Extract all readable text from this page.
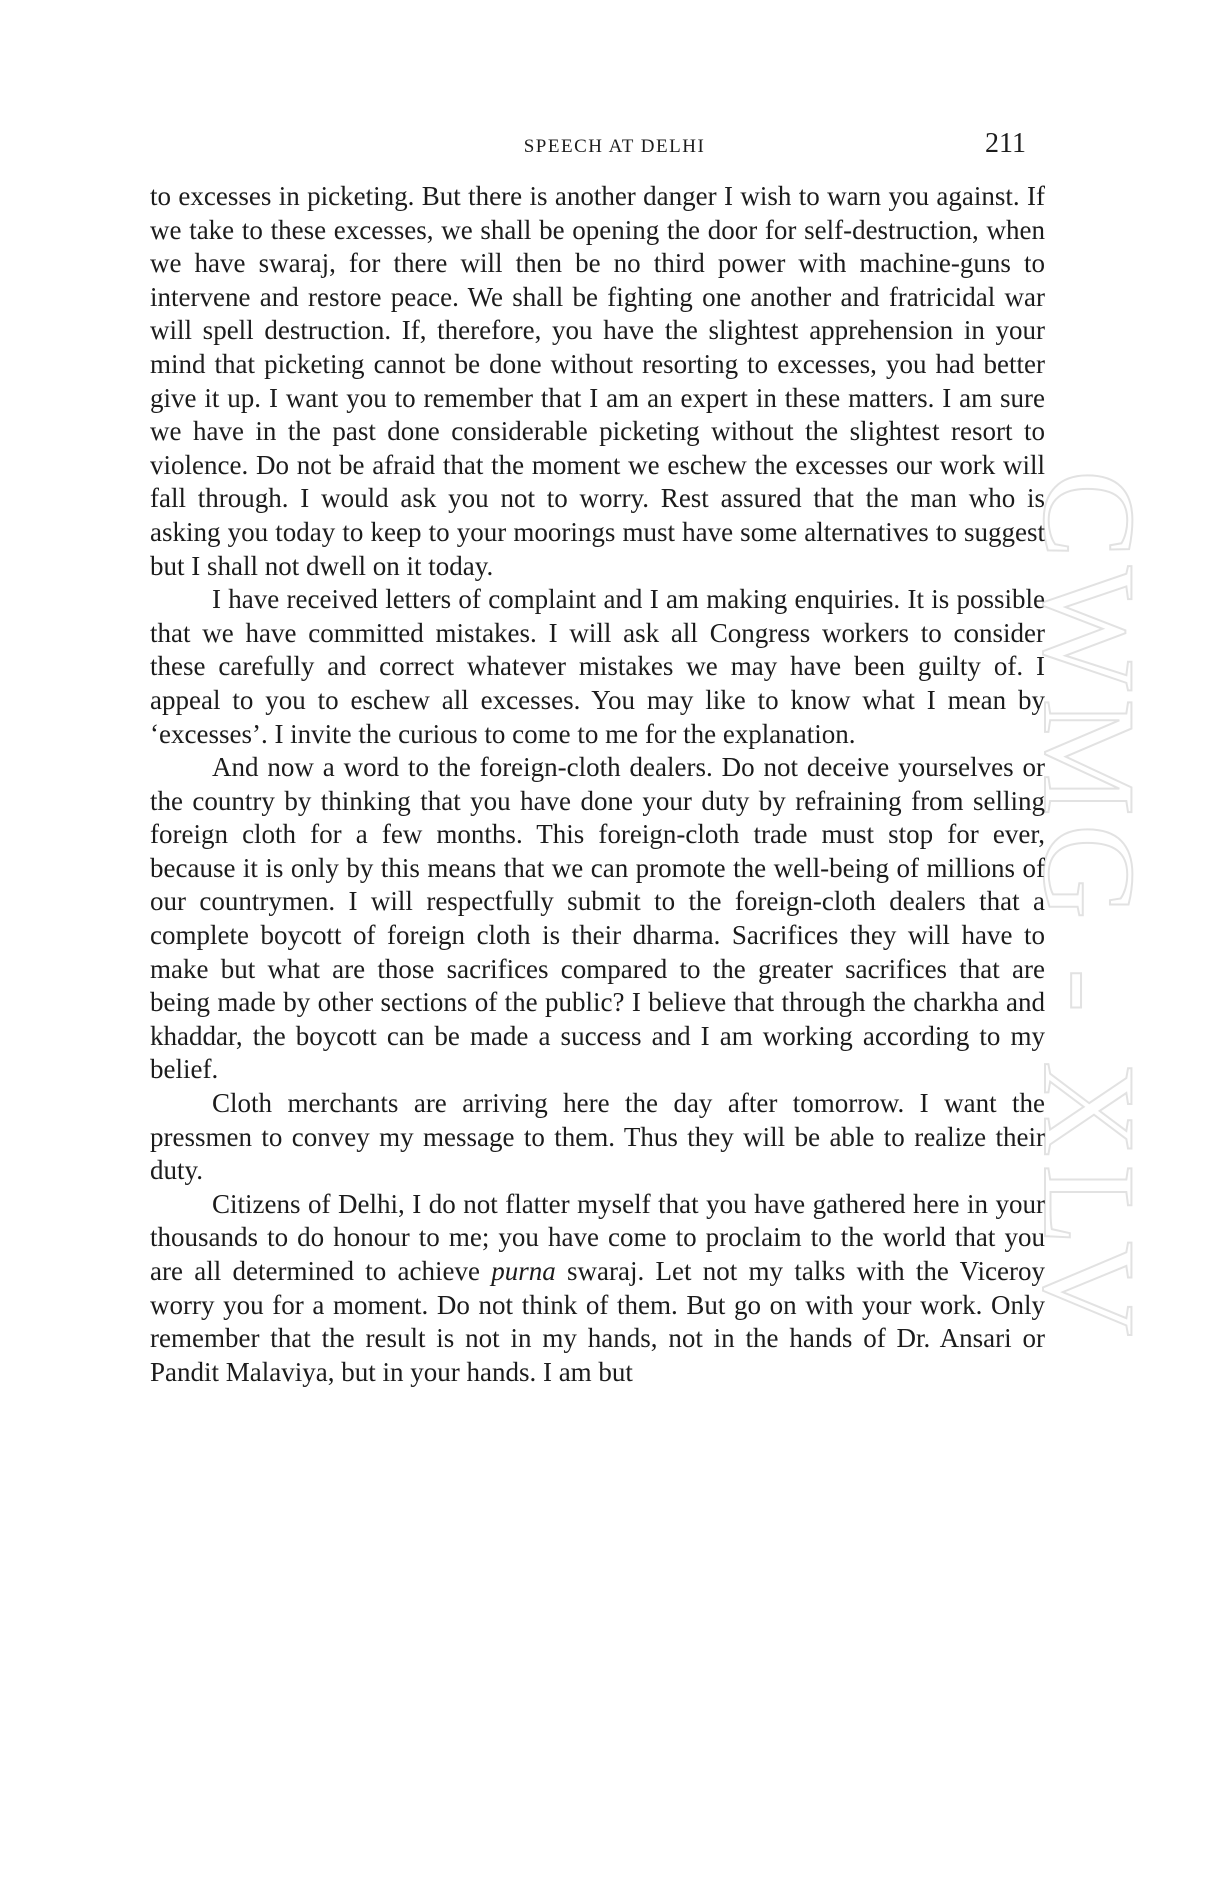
SPEECH AT DELHI	211
CWMG - XLV

to excesses in picketing. But there is another danger I wish to warn you against. If we take to these excesses, we shall be opening the door for self-destruction, when we have swaraj, for there will then be no third power with machine-guns to intervene and restore peace. We shall be fighting one another and fratricidal war will spell destruction. If, therefore, you have the slightest apprehension in your mind that picketing cannot be done without resorting to excesses, you had better give it up. I want you to remember that I am an expert in these matters. I am sure we have in the past done considerable picketing without the slightest resort to violence. Do not be afraid that the moment we eschew the excesses our work will fall through. I would ask you not to worry. Rest assured that the man who is asking you today to keep to your moorings must have some alternatives to suggest but I shall not dwell on it today.

I have received letters of complaint and I am making enquiries. It is possible that we have committed mistakes. I will ask all Congress workers to consider these carefully and correct whatever mistakes we may have been guilty of. I appeal to you to eschew all excesses. You may like to know what I mean by ‘excesses’. I invite the curious to come to me for the explanation.

And now a word to the foreign-cloth dealers. Do not deceive yourselves or the country by thinking that you have done your duty by refraining from selling foreign cloth for a few months. This foreign-cloth trade must stop for ever, because it is only by this means that we can promote the well-being of millions of our countrymen. I will respectfully submit to the foreign-cloth dealers that a complete boycott of foreign cloth is their dharma. Sacrifices they will have to make but what are those sacrifices compared to the greater sacrifices that are being made by other sections of the public? I believe that through the charkha and khaddar, the boycott can be made a success and I am working according to my belief.

Cloth merchants are arriving here the day after tomorrow. I want the pressmen to convey my message to them. Thus they will be able to realize their duty.

Citizens of Delhi, I do not flatter myself that you have gathered here in your thousands to do honour to me; you have come to proclaim to the world that you are all determined to achieve purna swaraj. Let not my talks with the Viceroy worry you for a moment. Do not think of them. But go on with your work. Only remember that the result is not in my hands, not in the hands of Dr. Ansari or Pandit Malaviya, but in your hands. I am but
